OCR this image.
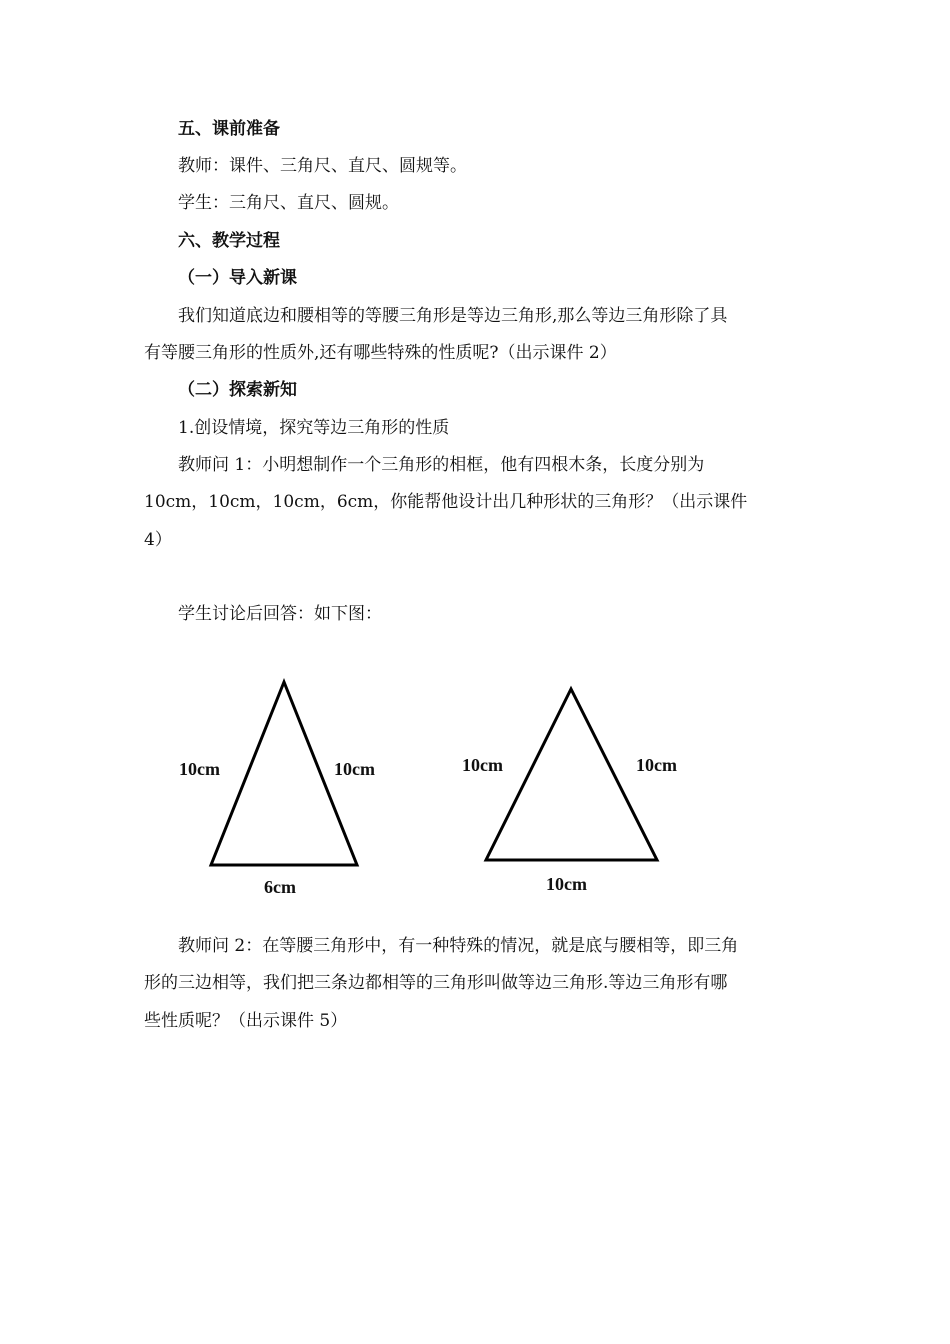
五、课前准备
教师：课件、三角尺、直尺、圆规等。
学生：三角尺、直尺、圆规。
六、教学过程
（一）导入新课
我们知道底边和腰相等的等腰三角形是等边三角形,那么等边三角形除了具
有等腰三角形的性质外,还有哪些特殊的性质呢?（出示课件 2）
（二）探索新知
1.创设情境，探究等边三角形的性质
教师问 1：小明想制作一个三角形的相框，他有四根木条，长度分别为
10cm，10cm，10cm，6cm，你能帮他设计出几种形状的三角形？（出示课件
4）
学生讨论后回答：如下图：
10cm	10cm
6cm
10cm	10cm
10cm
教师问 2：在等腰三角形中，有一种特殊的情况，就是底与腰相等，即三角
形的三边相等，我们把三条边都相等的三角形叫做等边三角形.等边三角形有哪
些性质呢？（出示课件 5）
